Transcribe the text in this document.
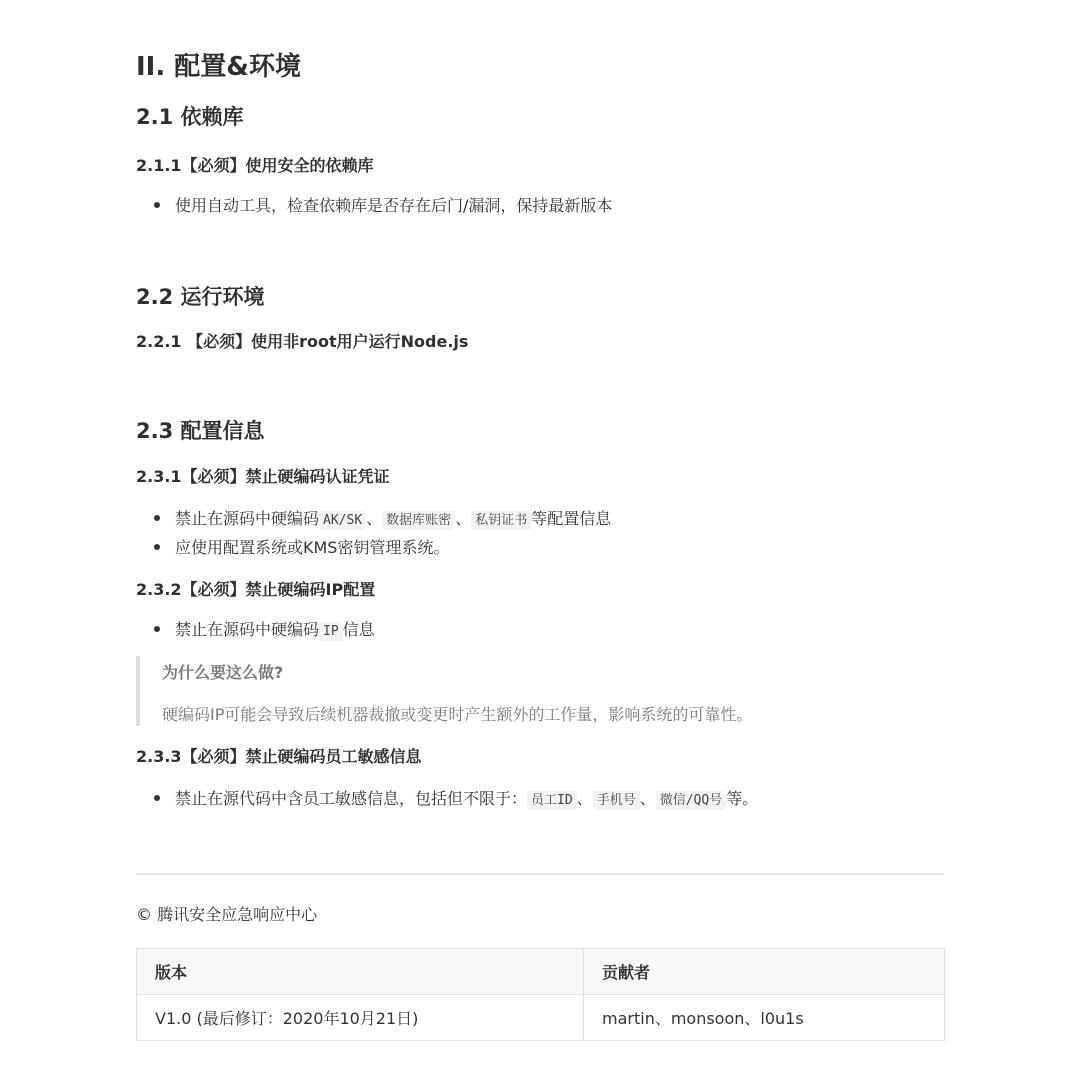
II. 配置&环境
2.1 依赖库
2.1.1【必须】使用安全的依赖库
使用自动工具，检查依赖库是否存在后门/漏洞，保持最新版本
2.2 运行环境
2.2.1 【必须】使用非root用户运行Node.js
2.3 配置信息
2.3.1【必须】禁止硬编码认证凭证
禁止在源码中硬编码 AK/SK 、 数据库账密 、 私钥证书 等配置信息
应使用配置系统或KMS密钥管理系统。
2.3.2【必须】禁止硬编码IP配置
禁止在源码中硬编码 IP 信息
为什么要这么做?
硬编码IP可能会导致后续机器裁撤或变更时产生额外的工作量，影响系统的可靠性。
2.3.3【必须】禁止硬编码员工敏感信息
禁止在源代码中含员工敏感信息，包括但不限于： 员工ID 、 手机号 、 微信/QQ号 等。
© 腾讯安全应急响应中心
版本	贡献者
V1.0 (最后修订：2020年10月21日)	martin、monsoon、l0u1s
